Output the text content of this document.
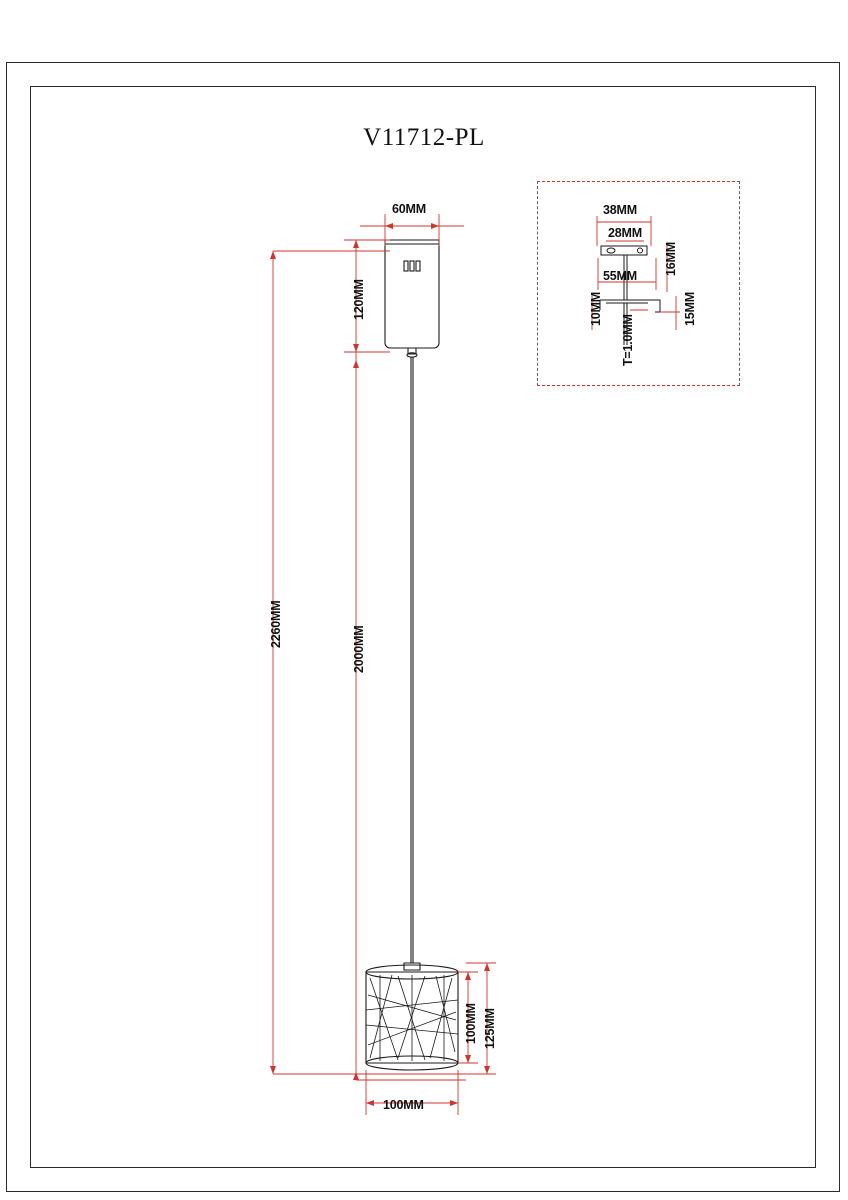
V11712-PL
60MM
120MM
2260MM
2000MM
100MM 125MM
100MM
38MM
28MM
55MM 16MM
10MM	15MM
T=1.0MM
